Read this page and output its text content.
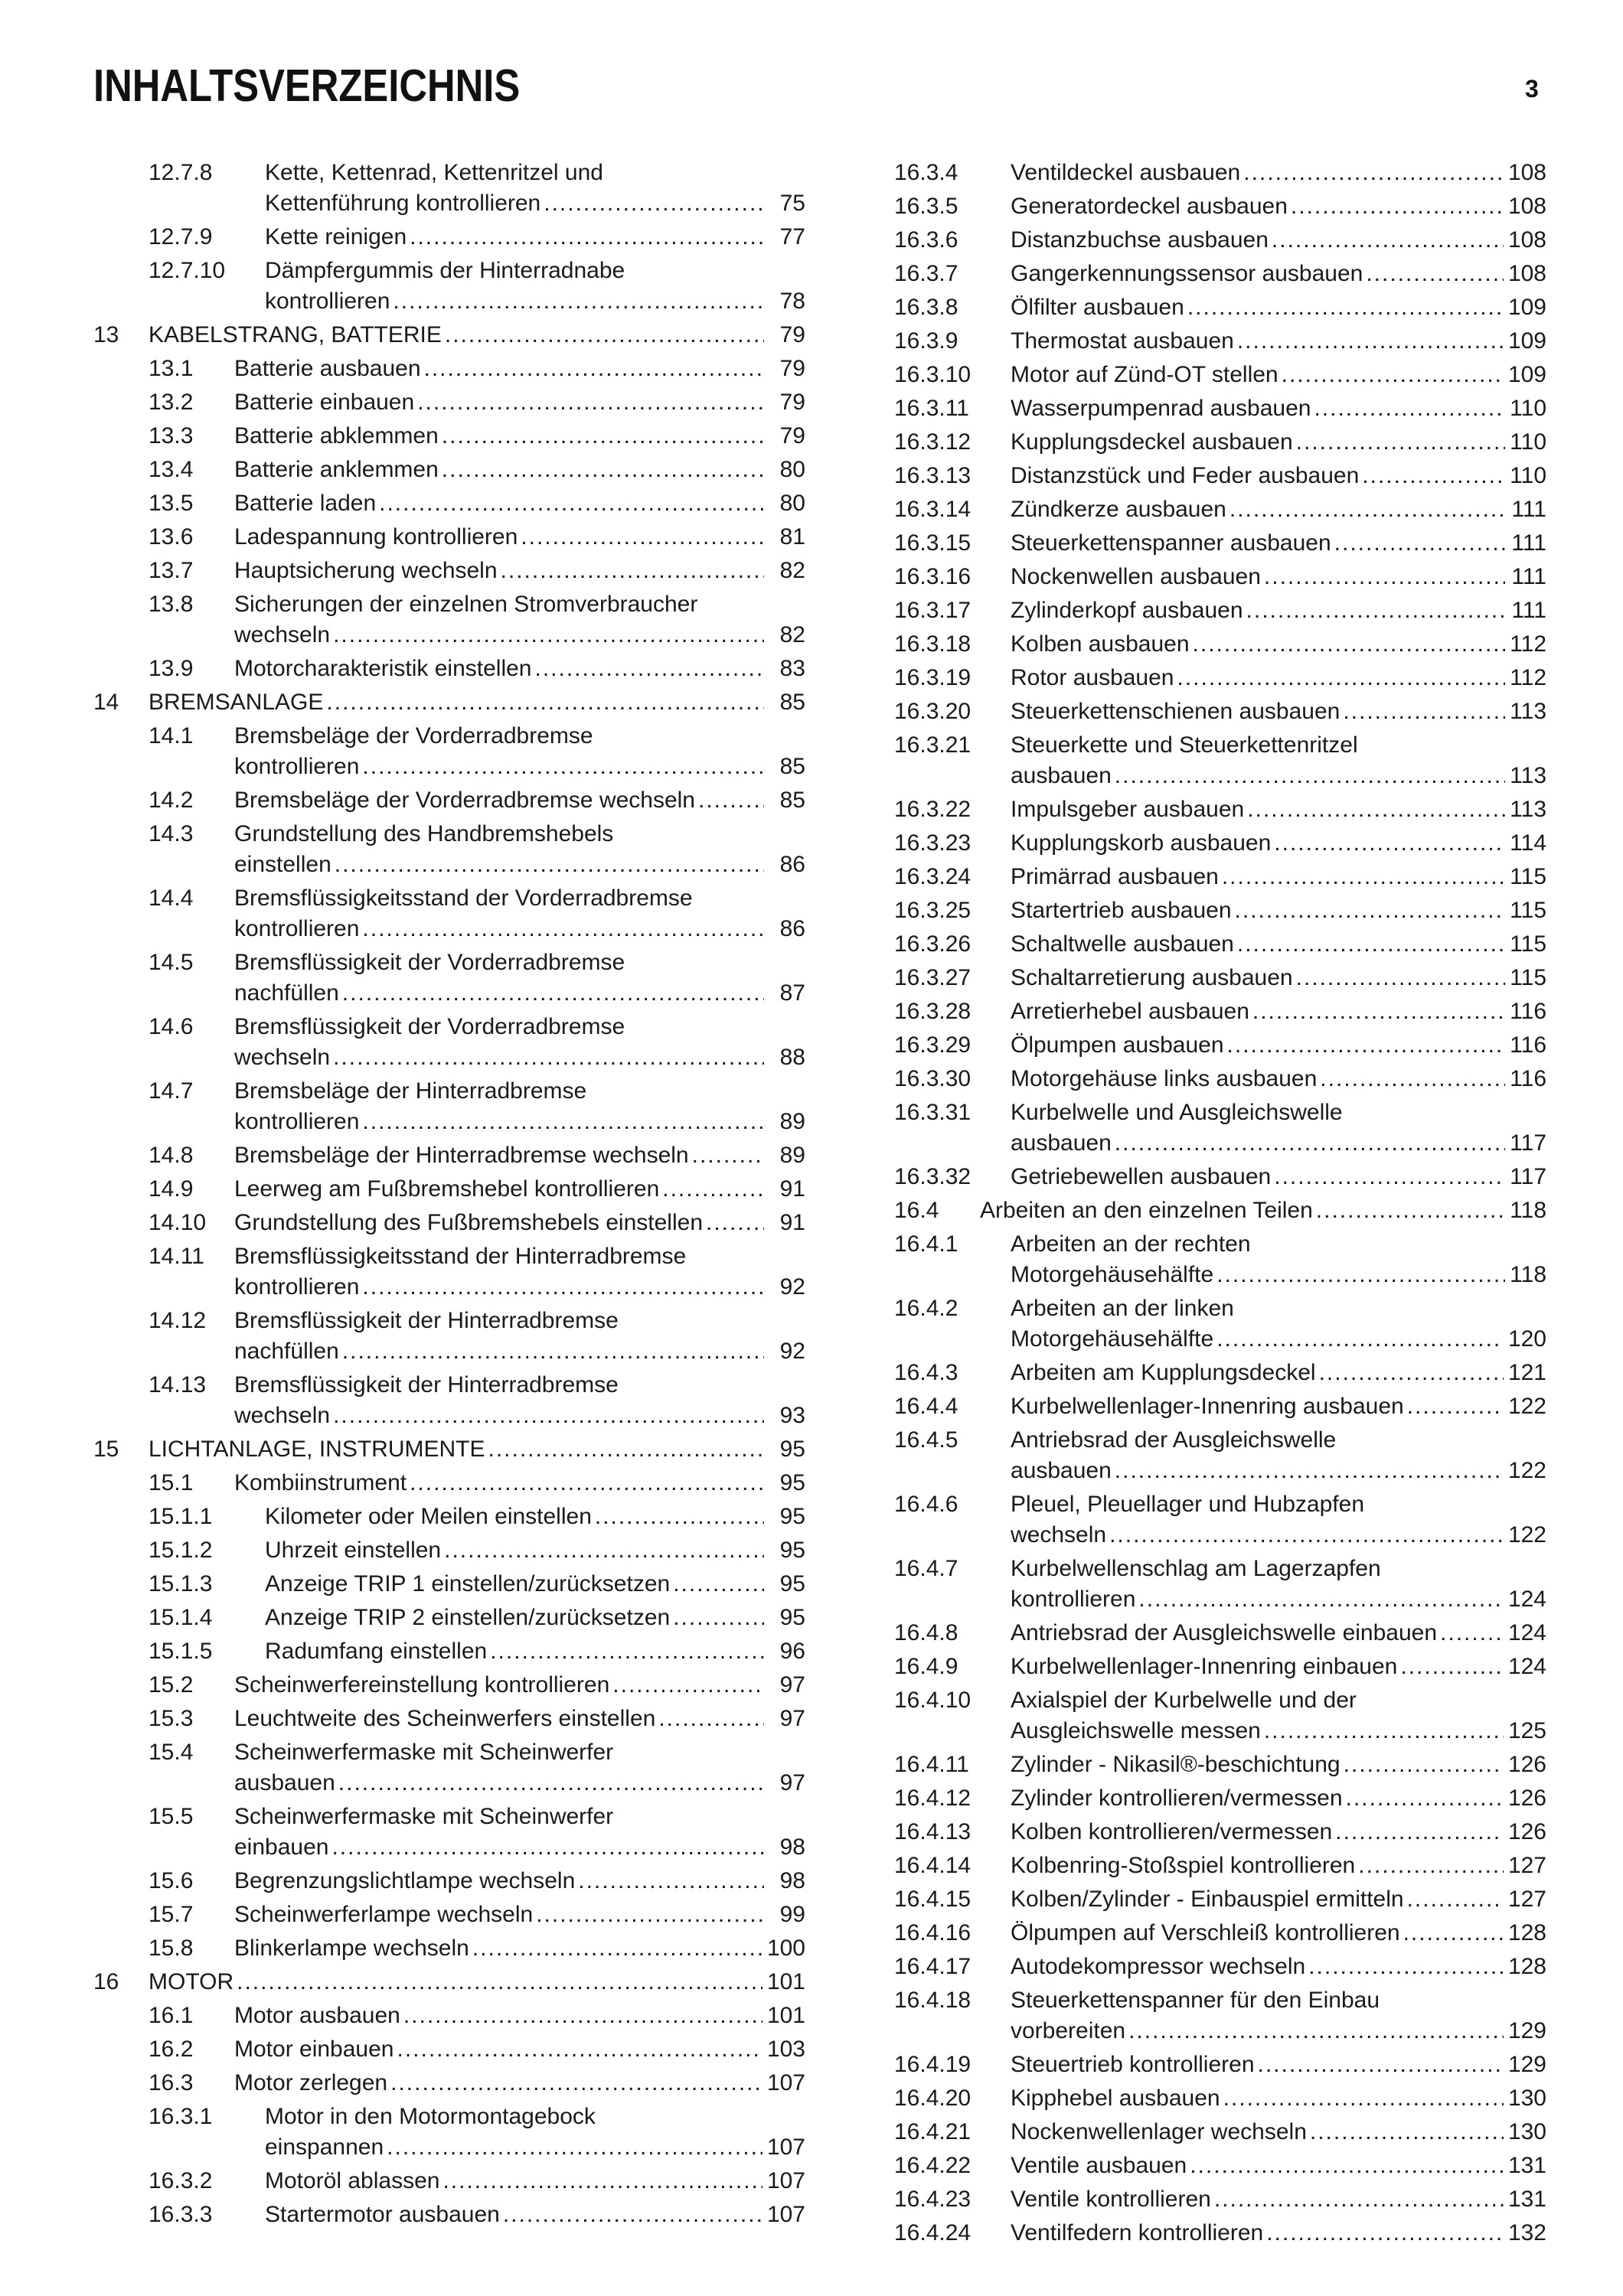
INHALTSVERZEICHNIS	3
12.7.8 Kette, Kettenrad, Kettenritzel und
Kettenführung kontrollieren .....	75
12.7.9 Kette reinigen .....	77
12.7.10 Dämpfergummis der Hinterradnabe
kontrollieren .....	78
13 KABELSTRANG, BATTERIE .....	79
13.1 Batterie ausbauen .....	79
13.2 Batterie einbauen .....	79
13.3 Batterie abklemmen .....	79
13.4 Batterie anklemmen .....	80
13.5 Batterie laden .....	80
13.6 Ladespannung kontrollieren .....	81
13.7 Hauptsicherung wechseln .....	82
13.8 Sicherungen der einzelnen Stromverbraucher
wechseln .....	82
13.9 Motorcharakteristik einstellen .....	83
14 BREMSANLAGE .....	85
14.1 Bremsbeläge der Vorderradbremse
kontrollieren .....	85
14.2 Bremsbeläge der Vorderradbremse wechseln .....	85
14.3 Grundstellung des Handbremshebels
einstellen .....	86
14.4 Bremsflüssigkeitsstand der Vorderradbremse
kontrollieren .....	86
14.5 Bremsflüssigkeit der Vorderradbremse
nachfüllen .....	87
14.6 Bremsflüssigkeit der Vorderradbremse
wechseln .....	88
14.7 Bremsbeläge der Hinterradbremse
kontrollieren .....	89
14.8 Bremsbeläge der Hinterradbremse wechseln .....	89
14.9 Leerweg am Fußbremshebel kontrollieren .....	91
14.10 Grundstellung des Fußbremshebels einstellen .....	91
14.11 Bremsflüssigkeitsstand der Hinterradbremse
kontrollieren .....	92
14.12 Bremsflüssigkeit der Hinterradbremse
nachfüllen .....	92
14.13 Bremsflüssigkeit der Hinterradbremse
wechseln .....	93
15 LICHTANLAGE, INSTRUMENTE .....	95
15.1 Kombiinstrument .....	95
15.1.1 Kilometer oder Meilen einstellen .....	95
15.1.2 Uhrzeit einstellen .....	95
15.1.3 Anzeige TRIP 1 einstellen/zurücksetzen .....	95
15.1.4 Anzeige TRIP 2 einstellen/zurücksetzen .....	95
15.1.5 Radumfang einstellen .....	96
15.2 Scheinwerfereinstellung kontrollieren .....	97
15.3 Leuchtweite des Scheinwerfers einstellen .....	97
15.4 Scheinwerfermaske mit Scheinwerfer
ausbauen .....	97
15.5 Scheinwerfermaske mit Scheinwerfer
einbauen .....	98
15.6 Begrenzungslichtlampe wechseln .....	98
15.7 Scheinwerferlampe wechseln .....	99
15.8 Blinkerlampe wechseln .....	100
16 MOTOR .....	101
16.1 Motor ausbauen .....	101
16.2 Motor einbauen .....	103
16.3 Motor zerlegen .....	107
16.3.1 Motor in den Motormontagebock
einspannen .....	107
16.3.2 Motoröl ablassen .....	107
16.3.3 Startermotor ausbauen .....	107
16.3.4 Ventildeckel ausbauen .....	108
16.3.5 Generatordeckel ausbauen .....	108
16.3.6 Distanzbuchse ausbauen .....	108
16.3.7 Gangerkennungssensor ausbauen .....	108
16.3.8 Ölfilter ausbauen .....	109
16.3.9 Thermostat ausbauen .....	109
16.3.10 Motor auf Zünd-OT stellen .....	109
16.3.11 Wasserpumpenrad ausbauen .....	110
16.3.12 Kupplungsdeckel ausbauen .....	110
16.3.13 Distanzstück und Feder ausbauen .....	110
16.3.14 Zündkerze ausbauen .....	111
16.3.15 Steuerkettenspanner ausbauen .....	111
16.3.16 Nockenwellen ausbauen .....	111
16.3.17 Zylinderkopf ausbauen .....	111
16.3.18 Kolben ausbauen .....	112
16.3.19 Rotor ausbauen .....	112
16.3.20 Steuerkettenschienen ausbauen .....	113
16.3.21 Steuerkette und Steuerkettenritzel
ausbauen .....	113
16.3.22 Impulsgeber ausbauen .....	113
16.3.23 Kupplungskorb ausbauen .....	114
16.3.24 Primärrad ausbauen .....	115
16.3.25 Startertrieb ausbauen .....	115
16.3.26 Schaltwelle ausbauen .....	115
16.3.27 Schaltarretierung ausbauen .....	115
16.3.28 Arretierhebel ausbauen .....	116
16.3.29 Ölpumpen ausbauen .....	116
16.3.30 Motorgehäuse links ausbauen .....	116
16.3.31 Kurbelwelle und Ausgleichswelle
ausbauen .....	117
16.3.32 Getriebewellen ausbauen .....	117
16.4 Arbeiten an den einzelnen Teilen .....	118
16.4.1 Arbeiten an der rechten
Motorgehäusehälfte .....	118
16.4.2 Arbeiten an der linken
Motorgehäusehälfte .....	120
16.4.3 Arbeiten am Kupplungsdeckel .....	121
16.4.4 Kurbelwellenlager-Innenring ausbauen .....	122
16.4.5 Antriebsrad der Ausgleichswelle
ausbauen .....	122
16.4.6 Pleuel, Pleuellager und Hubzapfen
wechseln .....	122
16.4.7 Kurbelwellenschlag am Lagerzapfen
kontrollieren .....	124
16.4.8 Antriebsrad der Ausgleichswelle einbauen .....	124
16.4.9 Kurbelwellenlager-Innenring einbauen .....	124
16.4.10 Axialspiel der Kurbelwelle und der
Ausgleichswelle messen .....	125
16.4.11 Zylinder - Nikasil®-beschichtung .....	126
16.4.12 Zylinder kontrollieren/vermessen .....	126
16.4.13 Kolben kontrollieren/vermessen .....	126
16.4.14 Kolbenring-Stoßspiel kontrollieren .....	127
16.4.15 Kolben/Zylinder - Einbauspiel ermitteln .....	127
16.4.16 Ölpumpen auf Verschleiß kontrollieren .....	128
16.4.17 Autodekompressor wechseln .....	128
16.4.18 Steuerkettenspanner für den Einbau
vorbereiten .....	129
16.4.19 Steuertrieb kontrollieren .....	129
16.4.20 Kipphebel ausbauen .....	130
16.4.21 Nockenwellenlager wechseln .....	130
16.4.22 Ventile ausbauen .....	131
16.4.23 Ventile kontrollieren .....	131
16.4.24 Ventilfedern kontrollieren .....	132
